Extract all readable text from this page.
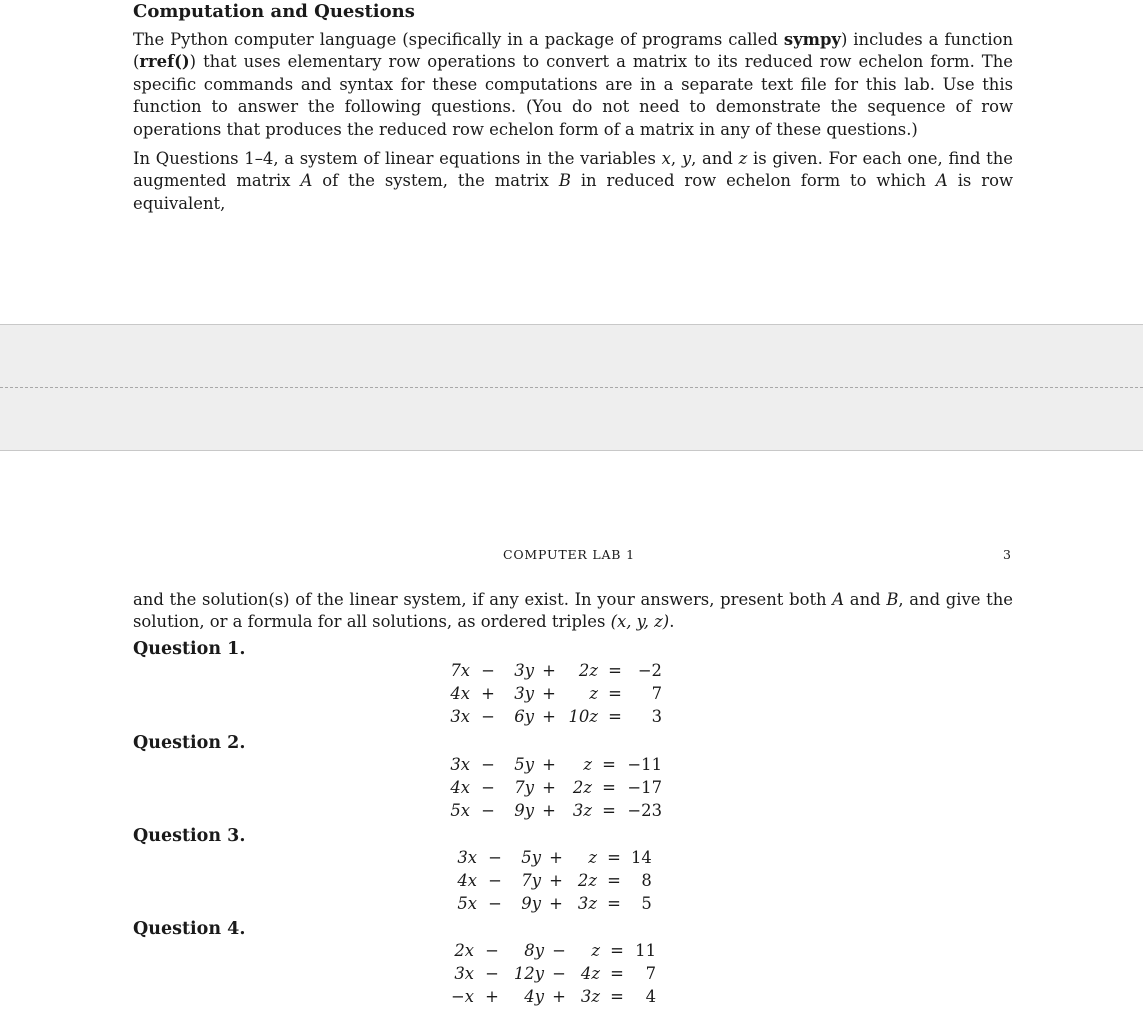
Computation and Questions

The Python computer language (specifically in a package of programs called sympy) includes a function (rref()) that uses elementary row operations to convert a matrix to its reduced row echelon form. The specific commands and syntax for these computations are in a separate text file for this lab. Use this function to answer the following questions. (You do not need to demonstrate the sequence of row operations that produces the reduced row echelon form of a matrix in any of these questions.)

In Questions 1–4, a system of linear equations in the variables x, y, and z is given. For each one, find the augmented matrix A of the system, the matrix B in reduced row echelon form to which A is row equivalent,

COMPUTER LAB 1	3

and the solution(s) of the linear system, if any exist. In your answers, present both A and B, and give the solution, or a formula for all solutions, as ordered triples (x, y, z).

Question 1.
7x	−	3y	+	2z	=	−2
4x	+	3y	+	z	=	7
3x	−	6y	+	10z	=	3
Question 2.
3x	−	5y	+	z	=	−11
4x	−	7y	+	2z	=	−17
5x	−	9y	+	3z	=	−23
Question 3.
3x	−	5y	+	z	=	14
4x	−	7y	+	2z	=	8
5x	−	9y	+	3z	=	5
Question 4.
2x	−	8y	−	z	=	11
3x	−	12y	−	4z	=	7
−x	+	4y	+	3z	=	4
